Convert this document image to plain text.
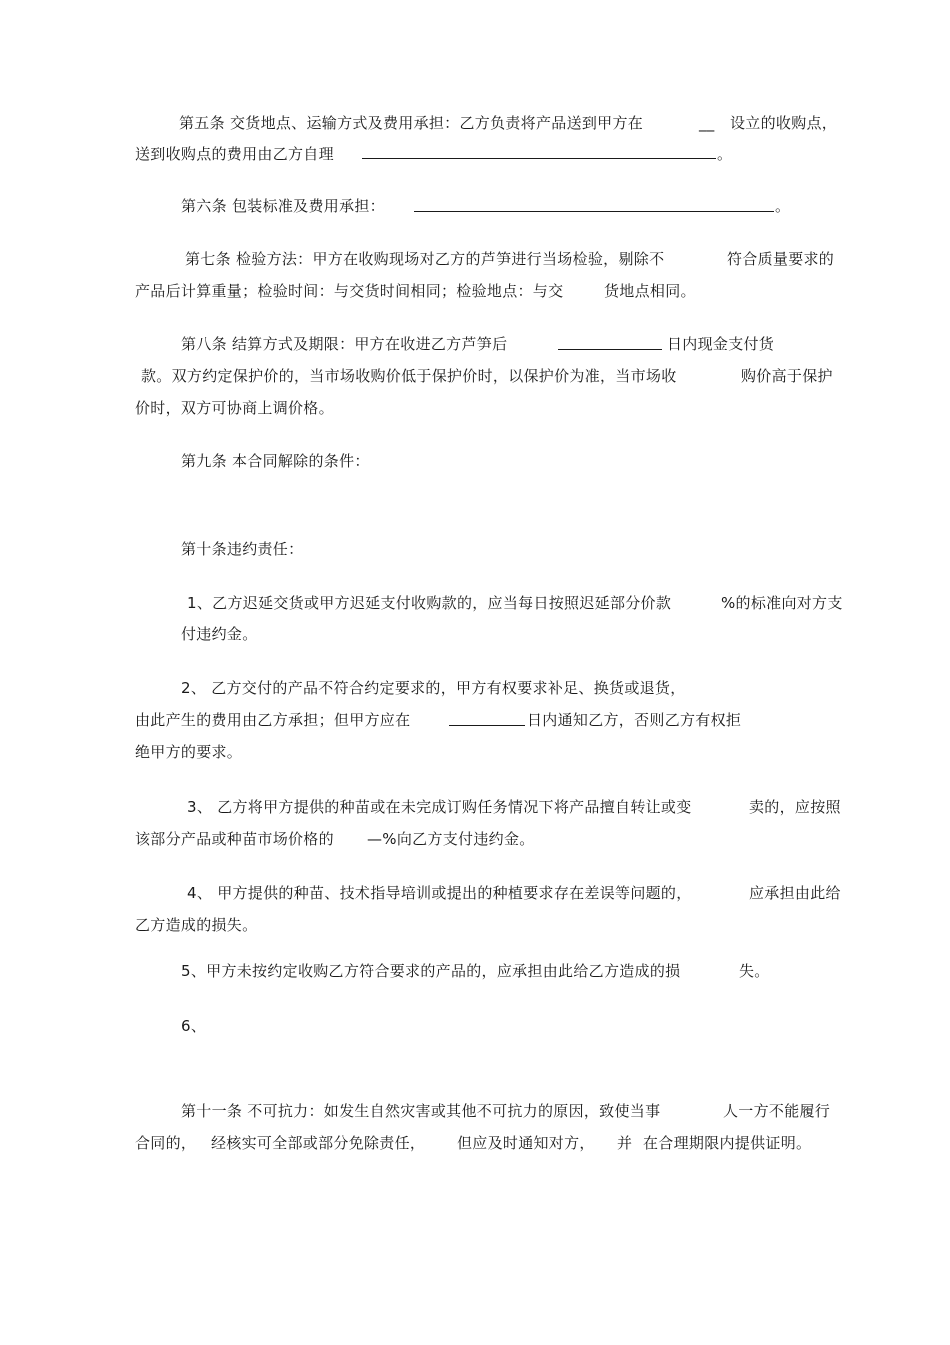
第五条 交货地点、运输方式及费用承担：乙方负责将产品送到甲方在	__ 设立的收购点，
送到收购点的费用由乙方自理	。
第六条 包装标准及费用承担：	。
第七条 检验方法：甲方在收购现场对乙方的芦笋进行当场检验，剔除不	符合质量要求的
产品后计算重量；检验时间：与交货时间相同；检验地点：与交	货地点相同。
第八条 结算方式及期限：甲方在收进乙方芦笋后	日内现金支付货
款。双方约定保护价的，当市场收购价低于保护价时，以保护价为准，当市场收	购价高于保护
价时，双方可协商上调价格。
第九条 本合同解除的条件：
第十条违约责任：
1、乙方迟延交货或甲方迟延支付收购款的，应当每日按照迟延部分价款	%的标准向对方支
付违约金。
2、 乙方交付的产品不符合约定要求的，甲方有权要求补足、换货或退货，
由此产生的费用由乙方承担；但甲方应在	日内通知乙方，否则乙方有权拒
绝甲方的要求。
3、 乙方将甲方提供的种苗或在未完成订购任务情况下将产品擅自转让或变	卖的，应按照
该部分产品或种苗市场价格的 —%向乙方支付违约金。
4、 甲方提供的种苗、技术指导培训或提出的种植要求存在差误等问题的，	应承担由此给
乙方造成的损失。
5、甲方未按约定收购乙方符合要求的产品的，应承担由此给乙方造成的损	失。
6、
第十一条 不可抗力：如发生自然灾害或其他不可抗力的原因，致使当事	人一方不能履行
合同的， 经核实可全部或部分免除责任， 但应及时通知对方， 并 在合理期限内提供证明。
